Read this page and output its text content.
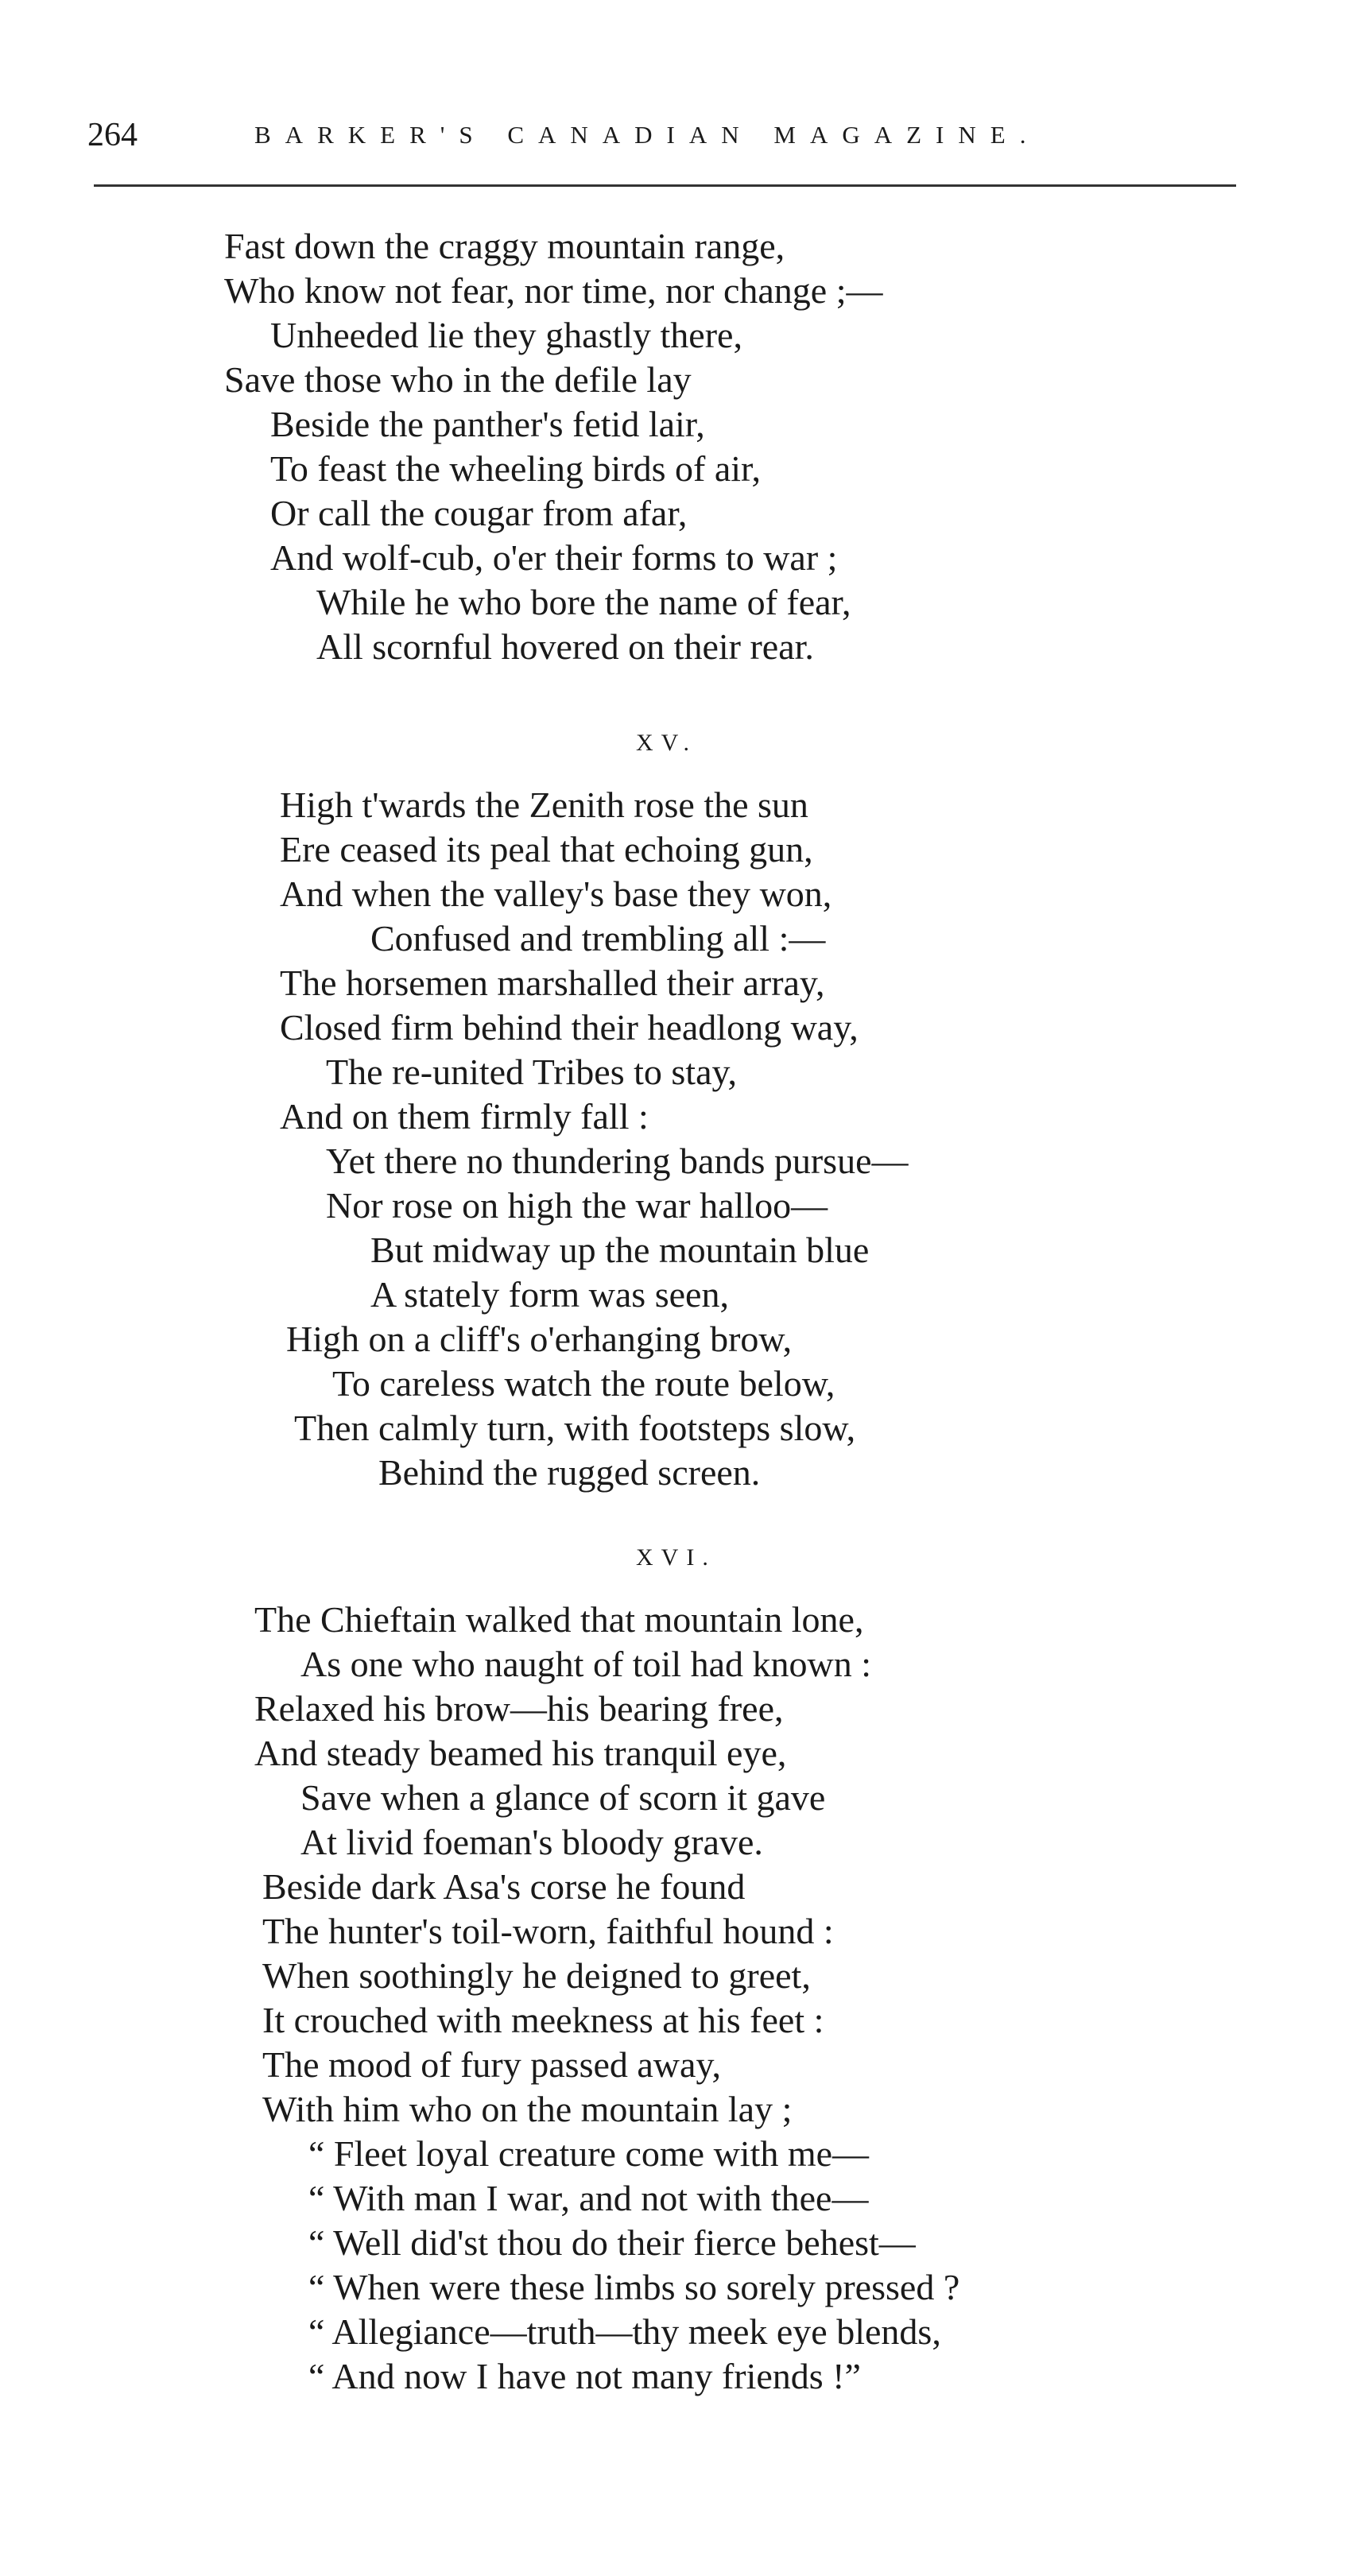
264	BARKER'S CANADIAN MAGAZINE.
Fast down the craggy mountain range,
Who know not fear, nor time, nor change ;—
Unheeded lie they ghastly there,
Save those who in the defile lay
Beside the panther's fetid lair,
To feast the wheeling birds of air,
Or call the cougar from afar,
And wolf-cub, o'er their forms to war ;
While he who bore the name of fear,
All scornful hovered on their rear.
XV.
High t'wards the Zenith rose the sun
Ere ceased its peal that echoing gun,
And when the valley's base they won,
Confused and trembling all :—
The horsemen marshalled their array,
Closed firm behind their headlong way,
The re-united Tribes to stay,
And on them firmly fall :
Yet there no thundering bands pursue—
Nor rose on high the war halloo—
But midway up the mountain blue
A stately form was seen,
High on a cliff's o'erhanging brow,
To careless watch the route below,
Then calmly turn, with footsteps slow,
Behind the rugged screen.
XVI.
The Chieftain walked that mountain lone,
As one who naught of toil had known :
Relaxed his brow—his bearing free,
And steady beamed his tranquil eye,
Save when a glance of scorn it gave
At livid foeman's bloody grave.
Beside dark Asa's corse he found
The hunter's toil-worn, faithful hound :
When soothingly he deigned to greet,
It crouched with meekness at his feet :
The mood of fury passed away,
With him who on the mountain lay ;
“ Fleet loyal creature come with me—
“ With man I war, and not with thee—
“ Well did'st thou do their fierce behest—
“ When were these limbs so sorely pressed ?
“ Allegiance—truth—thy meek eye blends,
“ And now I have not many friends !”
